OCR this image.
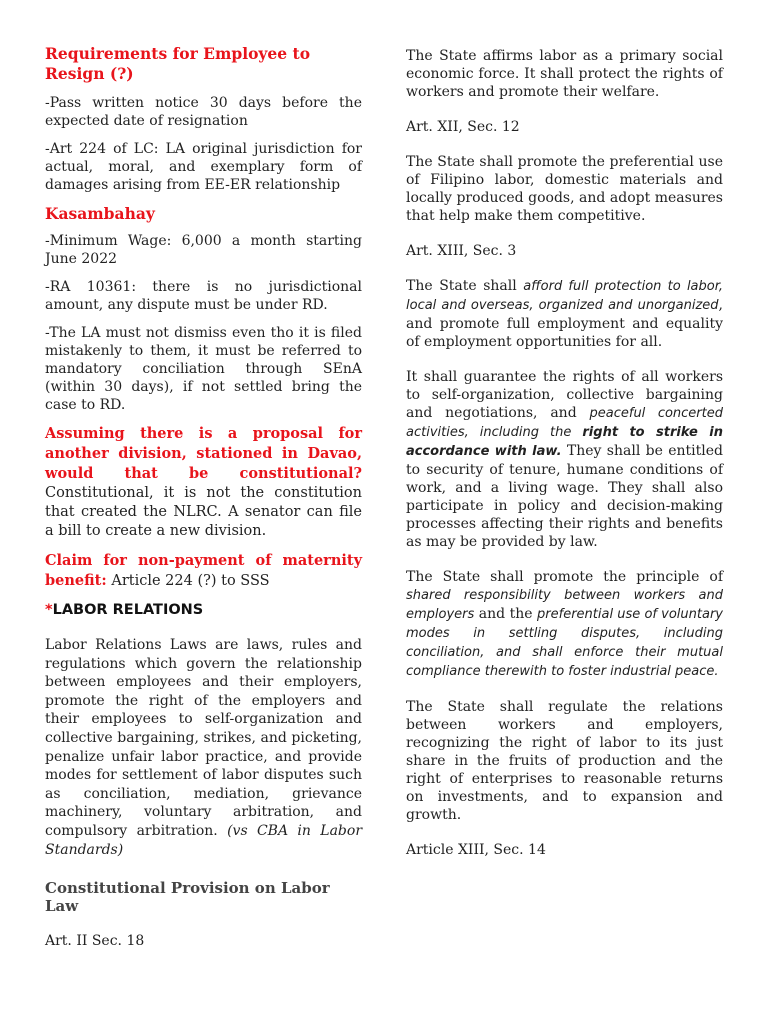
Requirements for Employee to Resign (?)

-Pass written notice 30 days before the expected date of resignation

-Art 224 of LC: LA original jurisdiction for actual, moral, and exemplary form of damages arising from EE-ER relationship

Kasambahay

-Minimum Wage: 6,000 a month starting June 2022

-RA 10361: there is no jurisdictional amount, any dispute must be under RD.

-The LA must not dismiss even tho it is filed mistakenly to them, it must be referred to mandatory conciliation through SEnA (within 30 days), if not settled bring the case to RD.

Assuming there is a proposal for another division, stationed in Davao, would that be constitutional? Constitutional, it is not the constitution that created the NLRC. A senator can file a bill to create a new division.

Claim for non-payment of maternity benefit: Article 224 (?) to SSS

*LABOR RELATIONS

Labor Relations Laws are laws, rules and regulations which govern the relationship between employees and their employers, promote the right of the employers and their employees to self-organization and collective bargaining, strikes, and picketing, penalize unfair labor practice, and provide modes for settlement of labor disputes such as conciliation, mediation, grievance machinery, voluntary arbitration, and compulsory arbitration. (vs CBA in Labor Standards)

Constitutional Provision on Labor Law

Art. II Sec. 18

The State affirms labor as a primary social economic force. It shall protect the rights of workers and promote their welfare.

Art. XII, Sec. 12

The State shall promote the preferential use of Filipino labor, domestic materials and locally produced goods, and adopt measures that help make them competitive.

Art. XIII, Sec. 3

The State shall afford full protection to labor, local and overseas, organized and unorganized, and promote full employment and equality of employment opportunities for all.

It shall guarantee the rights of all workers to self-organization, collective bargaining and negotiations, and peaceful concerted activities, including the right to strike in accordance with law. They shall be entitled to security of tenure, humane conditions of work, and a living wage. They shall also participate in policy and decision-making processes affecting their rights and benefits as may be provided by law.

The State shall promote the principle of shared responsibility between workers and employers and the preferential use of voluntary modes in settling disputes, including conciliation, and shall enforce their mutual compliance therewith to foster industrial peace.

The State shall regulate the relations between workers and employers, recognizing the right of labor to its just share in the fruits of production and the right of enterprises to reasonable returns on investments, and to expansion and growth.

Article XIII, Sec. 14
